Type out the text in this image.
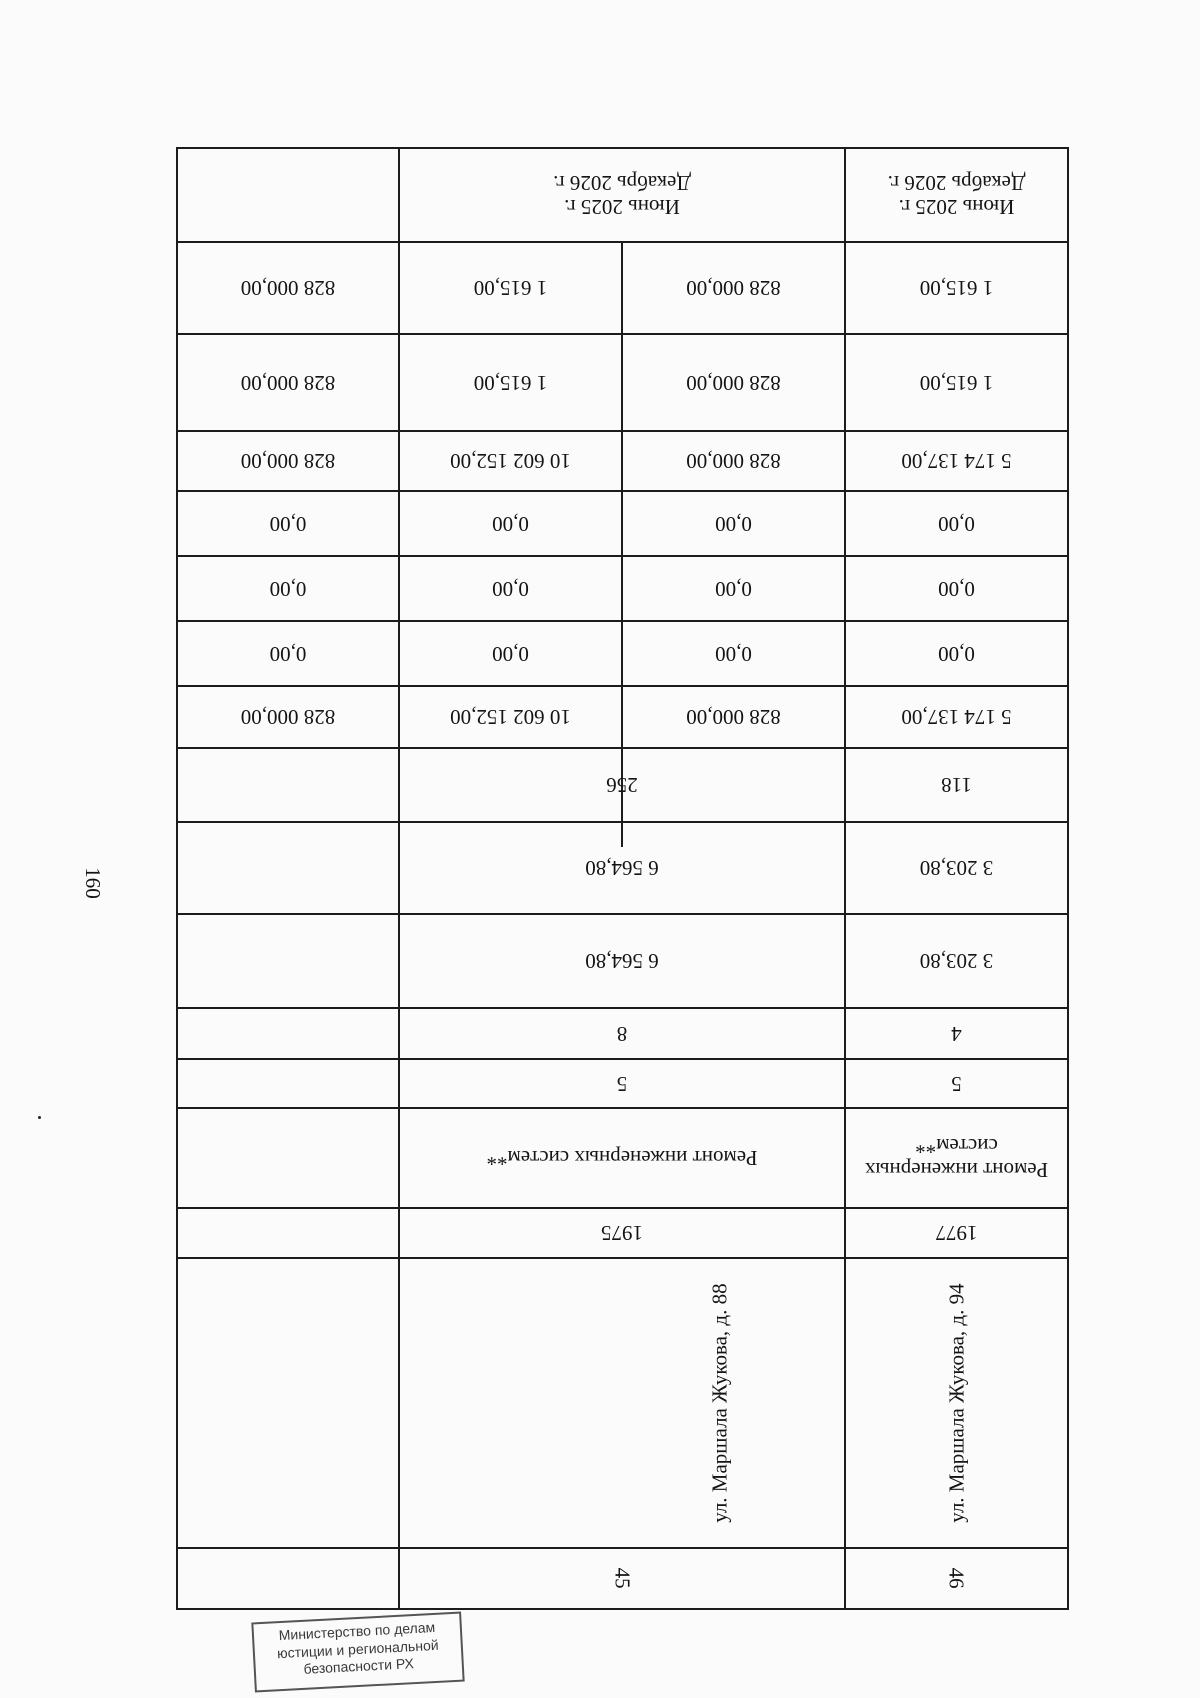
160
Июнь 2025 г.
Декабрь 2026 г.
Июнь 2025 г.
Декабрь 2026 г.
828 000,00	1 615,00	828 000,00	1 615,00
828 000,00	1 615,00	828 000,00	1 615,00
828 000,00	10 602 152,00	828 000,00	5 174 137,00
0,00	0,00	0,00	0,00
0,00	0,00	0,00	0,00
0,00	0,00	0,00	0,00
828 000,00	10 602 152,00	828 000,00	5 174 137,00
256	118
6 564,80	3 203,80
6 564,80	3 203,80
8	4
5	5
Ремонт инженерных систем**
Ремонт инженерных систем**
1975	1977
ул. Маршала Жукова, д. 88	ул. Маршала Жукова, д. 94
45	46
Министерство по делам
юстиции и региональной
безопасности РХ
